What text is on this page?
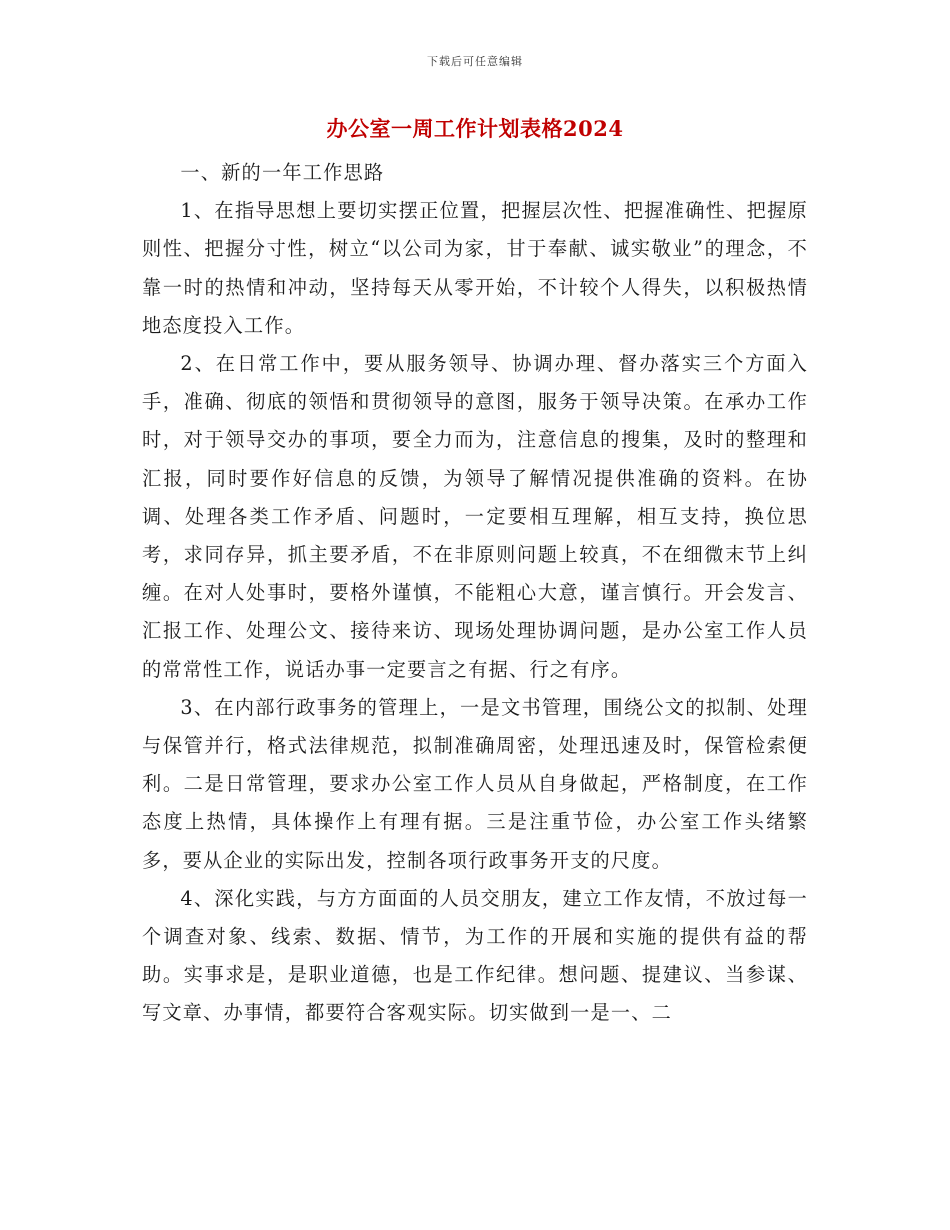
下载后可任意编辑
办公室一周工作计划表格2024

一、新的一年工作思路

1、在指导思想上要切实摆正位置，把握层次性、把握准确性、把握原则性、把握分寸性，树立“以公司为家，甘于奉献、诚实敬业”的理念，不靠一时的热情和冲动，坚持每天从零开始，不计较个人得失，以积极热情地态度投入工作。

2、在日常工作中，要从服务领导、协调办理、督办落实三个方面入手，准确、彻底的领悟和贯彻领导的意图，服务于领导决策。在承办工作时，对于领导交办的事项，要全力而为，注意信息的搜集，及时的整理和汇报，同时要作好信息的反馈，为领导了解情况提供准确的资料。在协调、处理各类工作矛盾、问题时，一定要相互理解，相互支持，换位思考，求同存异，抓主要矛盾，不在非原则问题上较真，不在细微末节上纠缠。在对人处事时，要格外谨慎，不能粗心大意，谨言慎行。开会发言、汇报工作、处理公文、接待来访、现场处理协调问题，是办公室工作人员的常常性工作，说话办事一定要言之有据、行之有序。

3、在内部行政事务的管理上，一是文书管理，围绕公文的拟制、处理与保管并行，格式法律规范，拟制准确周密，处理迅速及时，保管检索便利。二是日常管理，要求办公室工作人员从自身做起，严格制度，在工作态度上热情，具体操作上有理有据。三是注重节俭，办公室工作头绪繁多，要从企业的实际出发，控制各项行政事务开支的尺度。

4、深化实践，与方方面面的人员交朋友，建立工作友情，不放过每一个调查对象、线索、数据、情节，为工作的开展和实施的提供有益的帮助。实事求是，是职业道德，也是工作纪律。想问题、提建议、当参谋、写文章、办事情，都要符合客观实际。切实做到一是一、二
